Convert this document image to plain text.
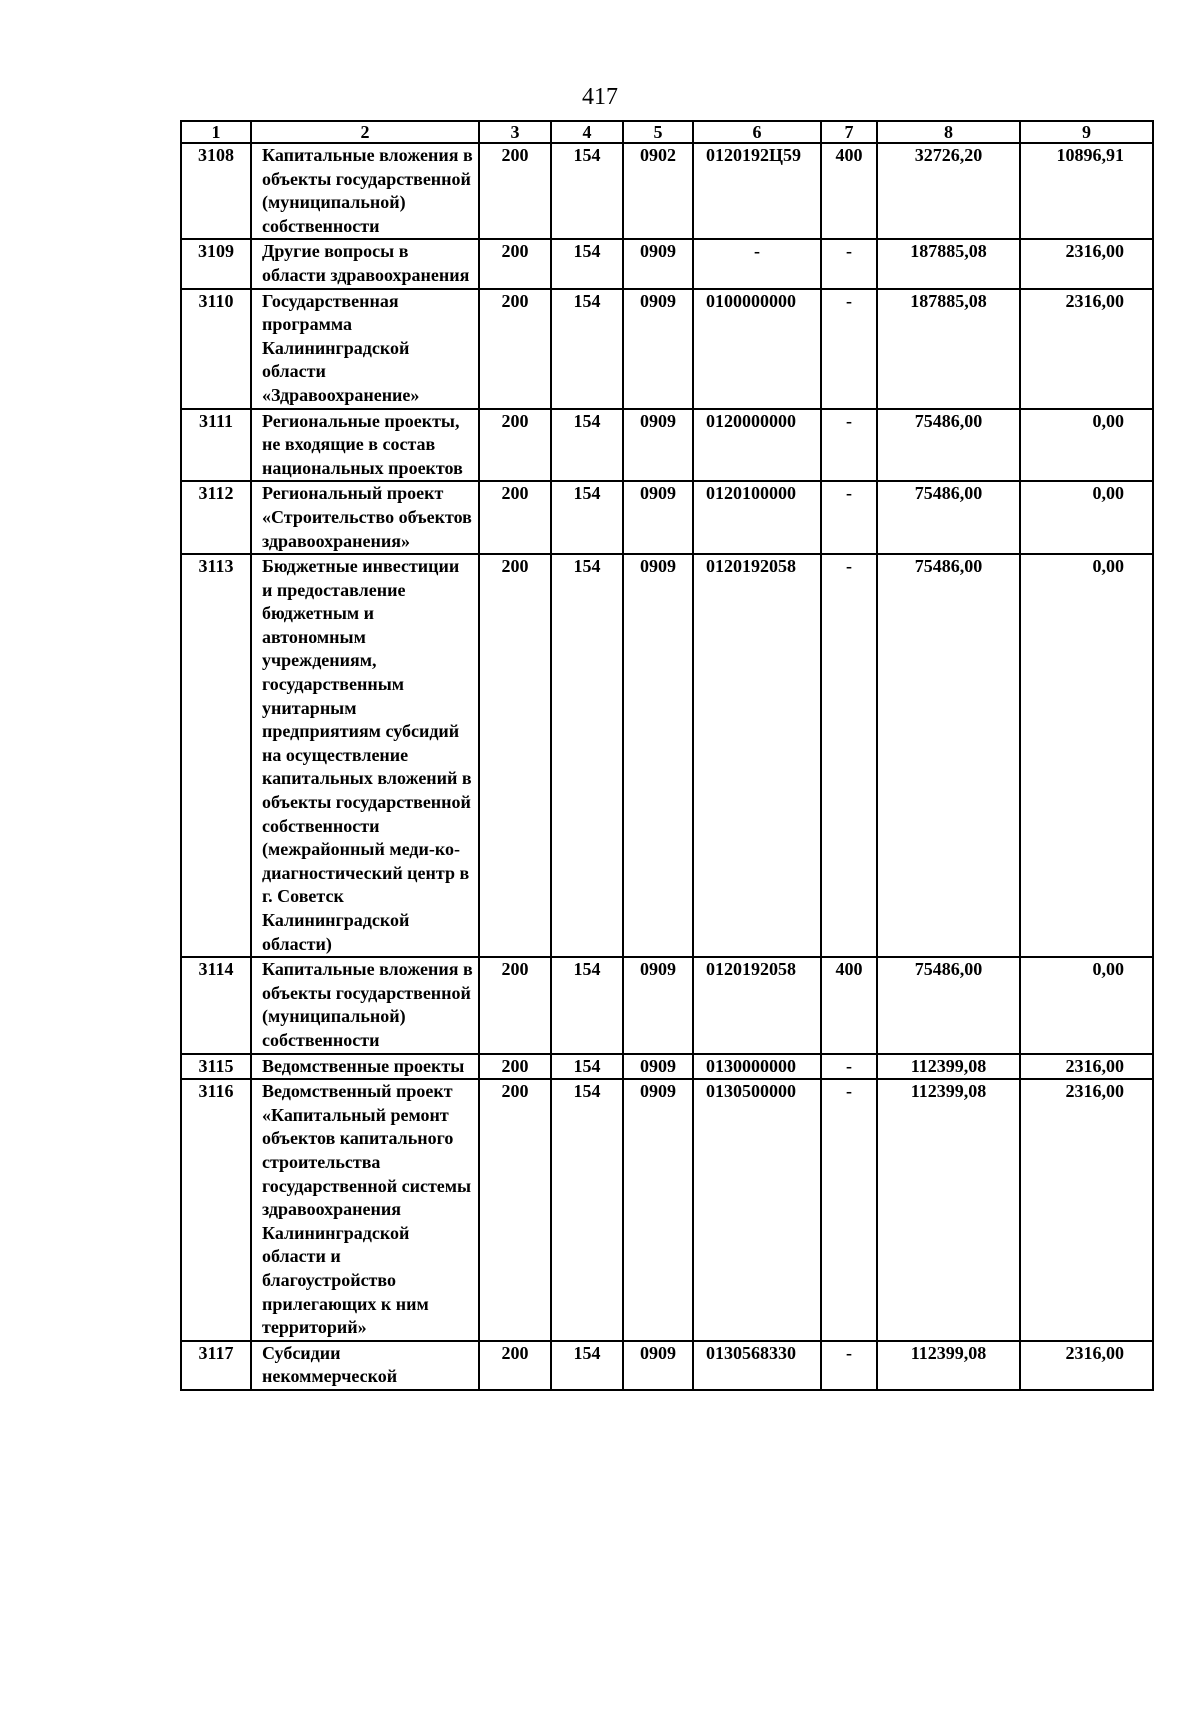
417
1	2	3	4	5	6	7	8	9
3108	Капитальные вложения в объекты государственной (муниципальной) собственности	200	154	0902	0120192Ц59	400	32726,20	10896,91
3109	Другие вопросы в области здравоохранения	200	154	0909	-	-	187885,08	2316,00
3110	Государственная программа Калининградской области «Здравоохранение»	200	154	0909	0100000000	-	187885,08	2316,00
3111	Региональные проекты, не входящие в состав национальных проектов	200	154	0909	0120000000	-	75486,00	0,00
3112	Региональный проект «Строительство объектов здравоохранения»	200	154	0909	0120100000	-	75486,00	0,00
3113	Бюджетные инвестиции и предоставление бюджетным и автономным учреждениям, государственным унитарным предприятиям субсидий на осуществление капитальных вложений в объекты государственной собственности (межрайонный меди-ко-диагностический центр в г. Советск Калининградской области)	200	154	0909	0120192058	-	75486,00	0,00
3114	Капитальные вложения в объекты государственной (муниципальной) собственности	200	154	0909	0120192058	400	75486,00	0,00
3115	Ведомственные проекты	200	154	0909	0130000000	-	112399,08	2316,00
3116	Ведомственный проект «Капитальный ремонт объектов капитального строительства государственной системы здравоохранения Калининградской области и благоустройство прилегающих к ним территорий»	200	154	0909	0130500000	-	112399,08	2316,00
3117	Субсидии некоммерческой	200	154	0909	0130568330	-	112399,08	2316,00
